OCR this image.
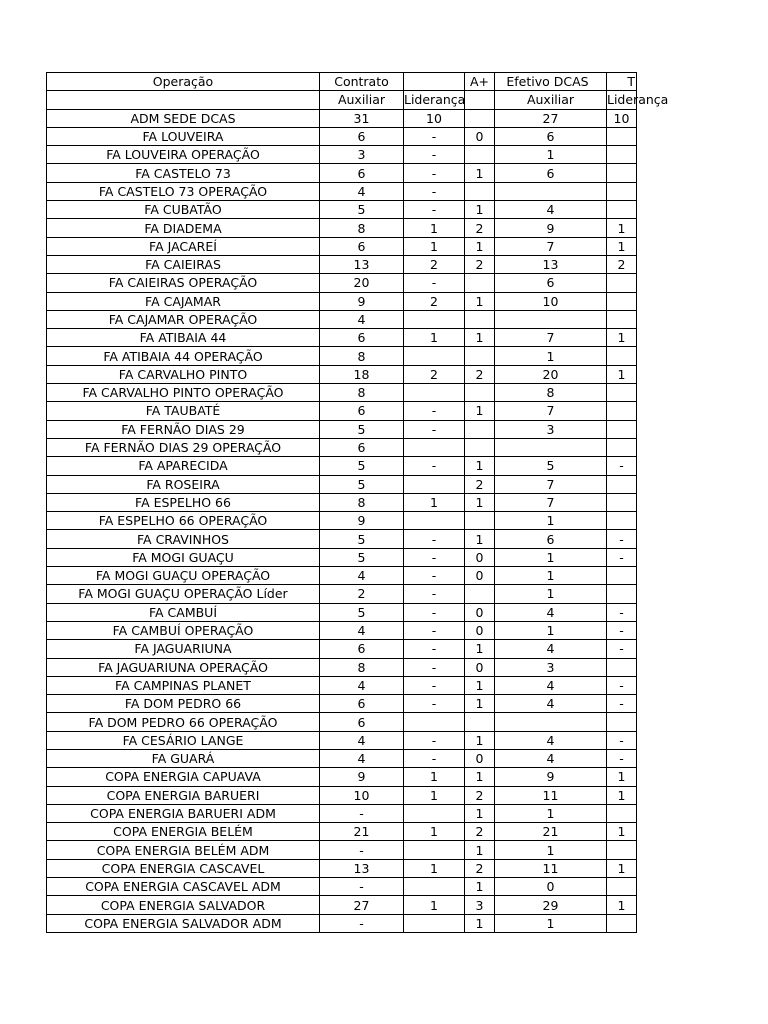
Operação	Contrato		A+	Efetivo DCAS	T
	Auxiliar	Liderança		Auxiliar	Liderança
ADM SEDE DCAS	31	10		27	10
FA LOUVEIRA	6	-	0	6	
FA LOUVEIRA OPERAÇÃO	3	-		1	
FA CASTELO 73	6	-	1	6	
FA CASTELO 73 OPERAÇÃO	4	-			
FA CUBATÃO	5	-	1	4	
FA DIADEMA	8	1	2	9	1
FA JACAREÍ	6	1	1	7	1
FA CAIEIRAS	13	2	2	13	2
FA CAIEIRAS OPERAÇÃO	20	-		6	
FA CAJAMAR	9	2	1	10	
FA CAJAMAR OPERAÇÃO	4				
FA ATIBAIA 44	6	1	1	7	1
FA ATIBAIA 44 OPERAÇÃO	8			1	
FA CARVALHO PINTO	18	2	2	20	1
FA CARVALHO PINTO OPERAÇÃO	8			8	
FA TAUBATÉ	6	-	1	7	
FA FERNÃO DIAS 29	5	-		3	
FA FERNÃO DIAS 29 OPERAÇÃO	6				
FA APARECIDA	5	-	1	5	-
FA ROSEIRA	5		2	7	
FA ESPELHO 66	8	1	1	7	
FA ESPELHO 66 OPERAÇÃO	9			1	
FA CRAVINHOS	5	-	1	6	-
FA MOGI GUAÇU	5	-	0	1	-
FA MOGI GUAÇU OPERAÇÃO	4	-	0	1	
FA MOGI GUAÇU OPERAÇÃO Líder	2	-		1	
FA CAMBUÍ	5	-	0	4	-
FA CAMBUÍ OPERAÇÃO	4	-	0	1	-
FA JAGUARIUNA	6	-	1	4	-
FA JAGUARIUNA OPERAÇÃO	8	-	0	3	
FA CAMPINAS PLANET	4	-	1	4	-
FA DOM PEDRO 66	6	-	1	4	-
FA DOM PEDRO 66 OPERAÇÃO	6				
FA CESÁRIO LANGE	4	-	1	4	-
FA GUARÁ	4	-	0	4	-
COPA ENERGIA CAPUAVA	9	1	1	9	1
COPA ENERGIA BARUERI	10	1	2	11	1
COPA ENERGIA BARUERI ADM	-		1	1	
COPA ENERGIA BELÉM	21	1	2	21	1
COPA ENERGIA BELÉM ADM	-		1	1	
COPA ENERGIA CASCAVEL	13	1	2	11	1
COPA ENERGIA CASCAVEL ADM	-		1	0	
COPA ENERGIA SALVADOR	27	1	3	29	1
COPA ENERGIA SALVADOR ADM	-		1	1	
